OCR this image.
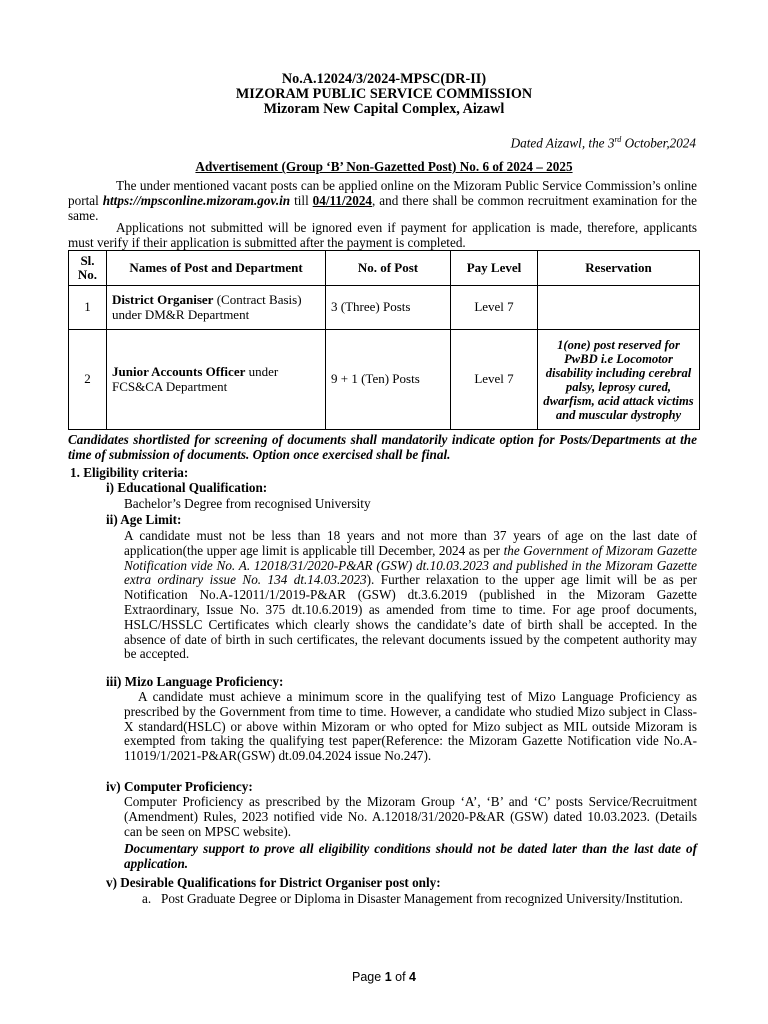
No.A.12024/3/2024-MPSC(DR-II)
MIZORAM PUBLIC SERVICE COMMISSION
Mizoram New Capital Complex, Aizawl
Dated Aizawl, the 3rd October,2024
Advertisement (Group ‘B’ Non-Gazetted Post) No. 6 of 2024 – 2025
The under mentioned vacant posts can be applied online on the Mizoram Public Service Commission’s online portal https://mpsconline.mizoram.gov.in till 04/11/2024, and there shall be common recruitment examination for the same.
Applications not submitted will be ignored even if payment for application is made, therefore, applicants must verify if their application is submitted after the payment is completed.
Sl. No.	Names of Post and Department	No. of Post	Pay Level	Reservation
1	District Organiser (Contract Basis) under DM&R Department	3 (Three) Posts	Level 7	
2	Junior Accounts Officer under FCS&CA Department	9 + 1 (Ten) Posts	Level 7	1(one) post reserved for PwBD i.e Locomotor disability including cerebral palsy, leprosy cured, dwarfism, acid attack victims and muscular dystrophy
Candidates shortlisted for screening of documents shall mandatorily indicate option for Posts/Departments at the time of submission of documents. Option once exercised shall be final.
1. Eligibility criteria:
i) Educational Qualification:
Bachelor’s Degree from recognised University
ii) Age Limit:
A candidate must not be less than 18 years and not more than 37 years of age on the last date of application(the upper age limit is applicable till December, 2024 as per the Government of Mizoram Gazette Notification vide No. A. 12018/31/2020-P&AR (GSW) dt.10.03.2023 and published in the Mizoram Gazette extra ordinary issue No. 134 dt.14.03.2023). Further relaxation to the upper age limit will be as per Notification No.A-12011/1/2019-P&AR (GSW) dt.3.6.2019 (published in the Mizoram Gazette Extraordinary, Issue No. 375 dt.10.6.2019) as amended from time to time. For age proof documents, HSLC/HSSLC Certificates which clearly shows the candidate’s date of birth shall be accepted. In the absence of date of birth in such certificates, the relevant documents issued by the competent authority may be accepted.
iii) Mizo Language Proficiency:
A candidate must achieve a minimum score in the qualifying test of Mizo Language Proficiency as prescribed by the Government from time to time. However, a candidate who studied Mizo subject in Class-X standard(HSLC) or above within Mizoram or who opted for Mizo subject as MIL outside Mizoram is exempted from taking the qualifying test paper(Reference: the Mizoram Gazette Notification vide No.A-11019/1/2021-P&AR(GSW) dt.09.04.2024 issue No.247).
iv) Computer Proficiency:
Computer Proficiency as prescribed by the Mizoram Group ‘A’, ‘B’ and ‘C’ posts Service/Recruitment (Amendment) Rules, 2023 notified vide No. A.12018/31/2020-P&AR (GSW) dated 10.03.2023. (Details can be seen on MPSC website).
Documentary support to prove all eligibility conditions should not be dated later than the last date of application.
v) Desirable Qualifications for District Organiser post only:
a. Post Graduate Degree or Diploma in Disaster Management from recognized University/Institution.
Page 1 of 4
